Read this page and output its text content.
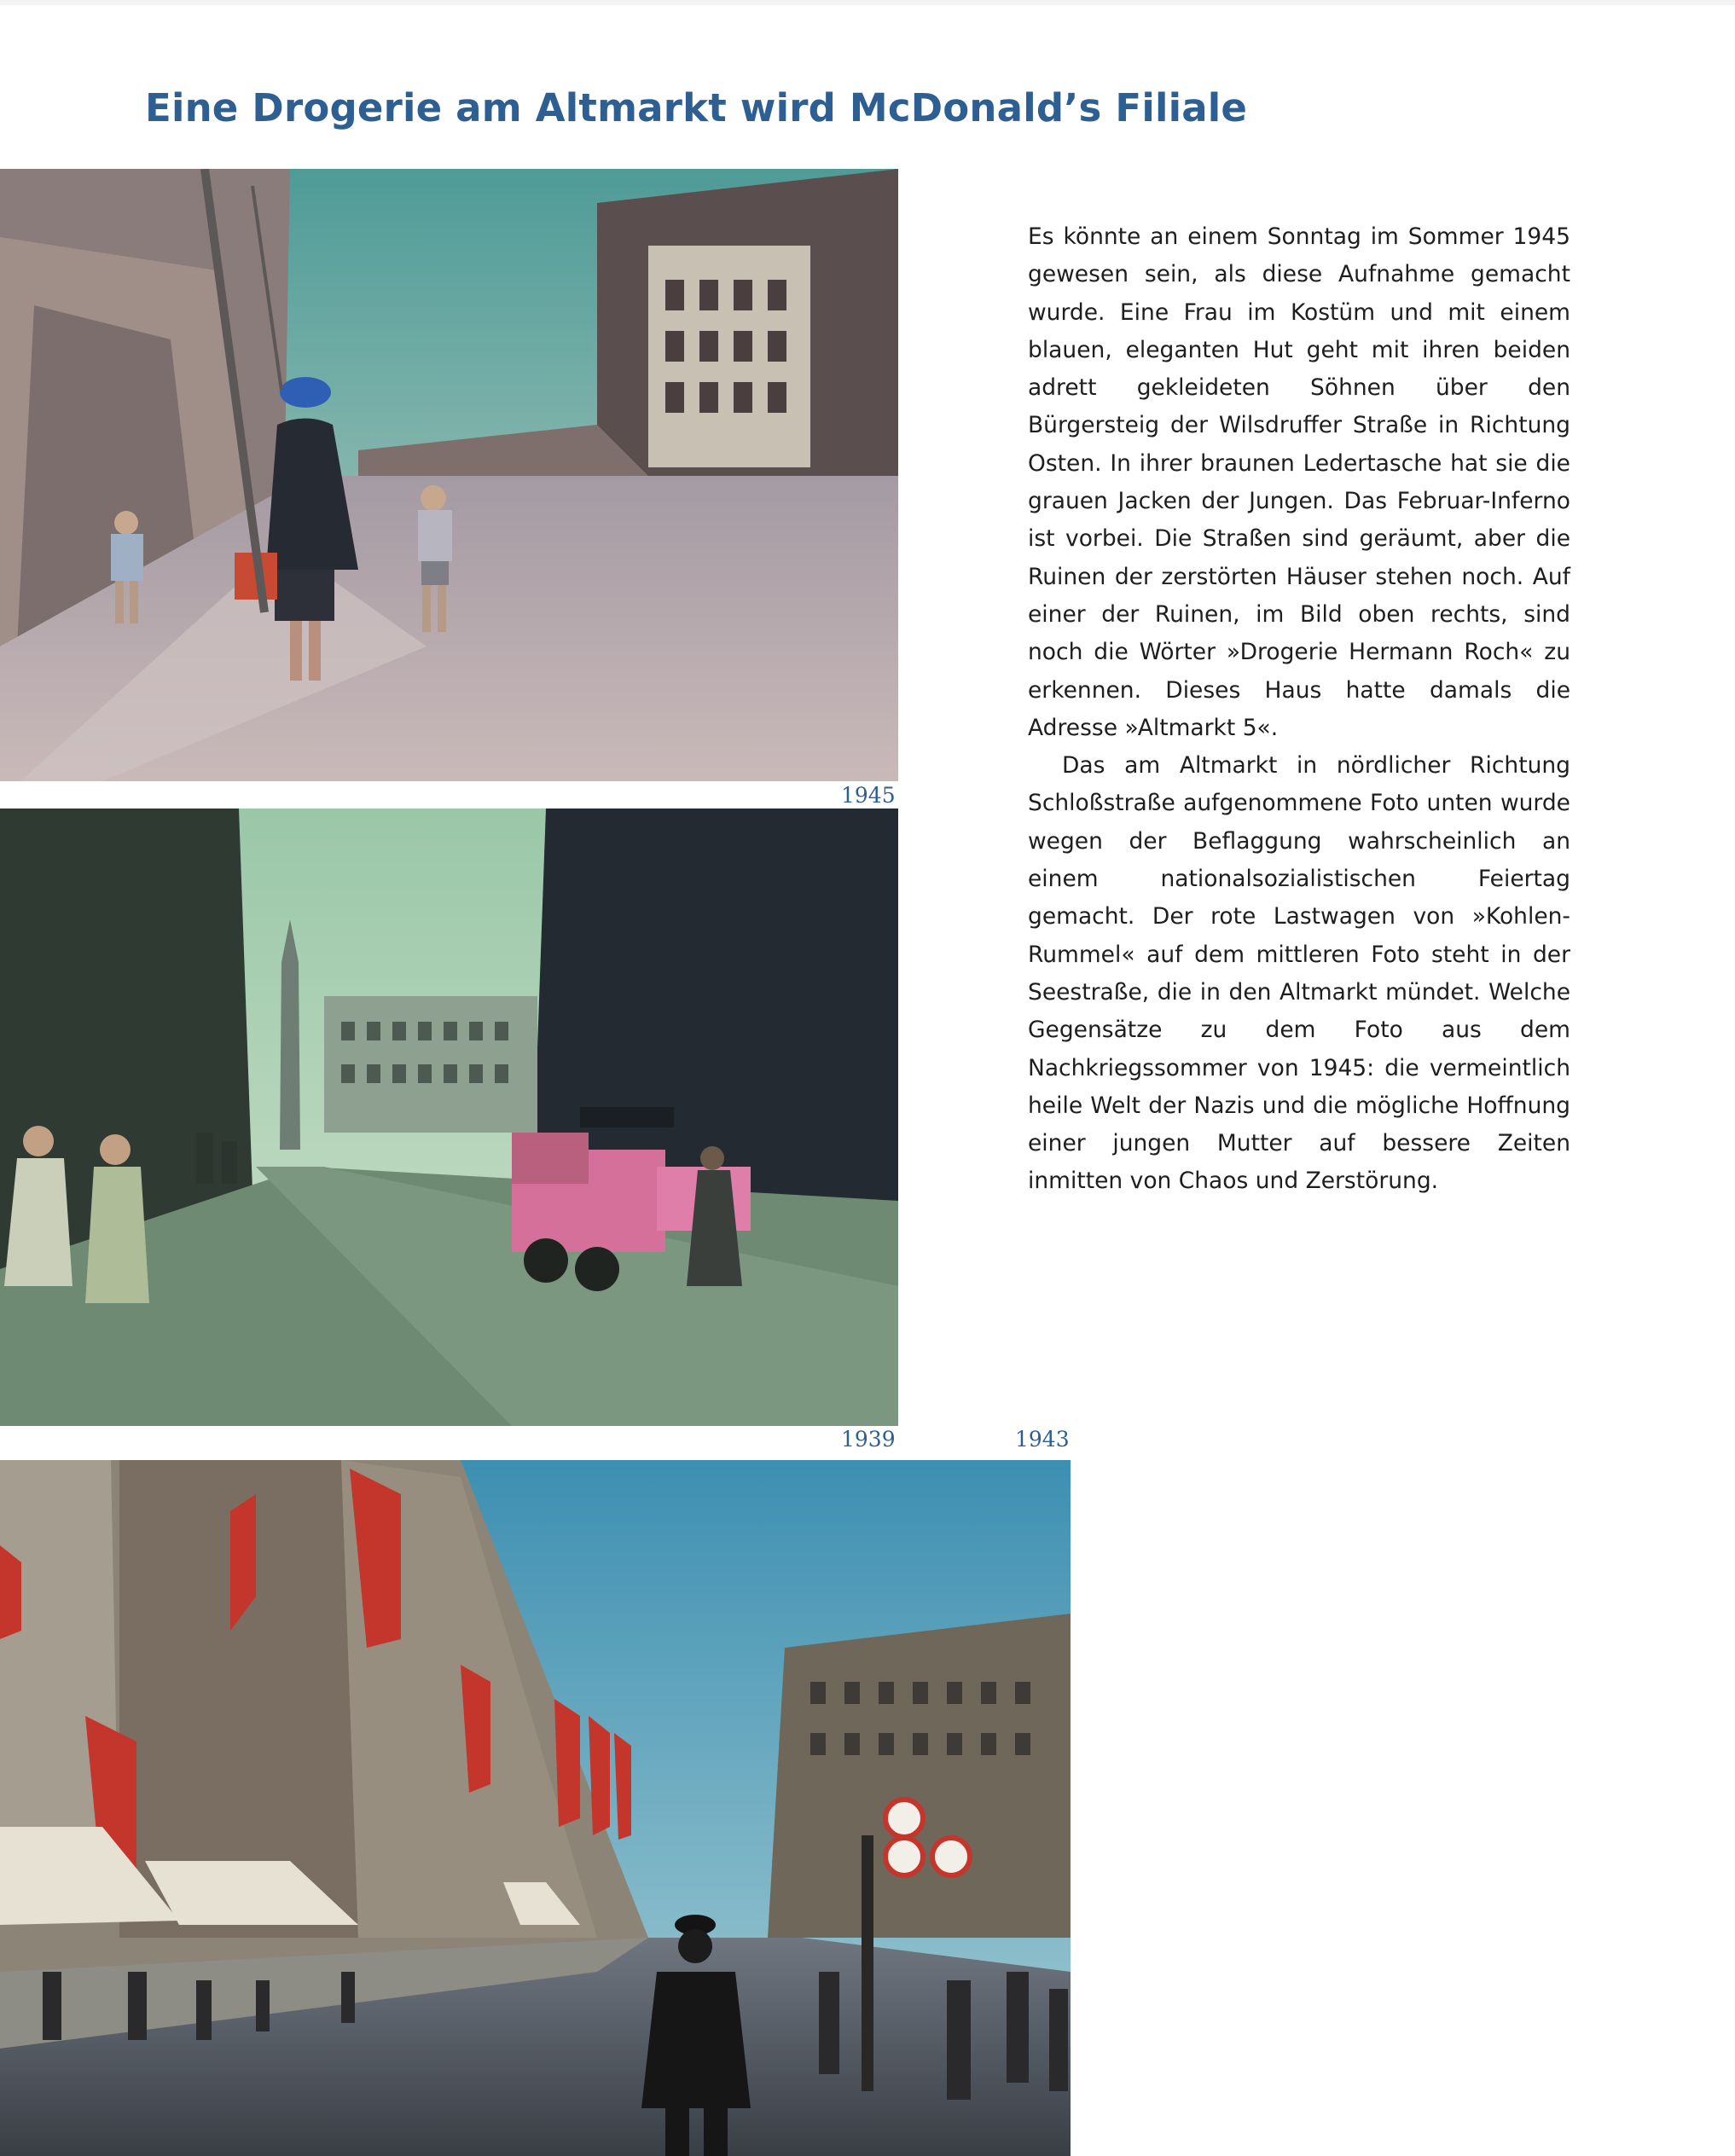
Eine Drogerie am Altmarkt wird McDonald’s Filiale
1945
1939	1943

Es könnte an einem Sonntag im Sommer 1945 gewesen sein, als diese Aufnahme gemacht wurde. Eine Frau im Kostüm und mit einem blauen, eleganten Hut geht mit ihren beiden adrett gekleideten Söhnen über den Bürgersteig der Wilsdruffer Straße in Richtung Osten. In ihrer braunen Ledertasche hat sie die grauen Jacken der Jungen. Das Februar-Inferno ist vorbei. Die Straßen sind geräumt, aber die Ruinen der zerstörten Häuser stehen noch. Auf einer der Ruinen, im Bild oben rechts, sind noch die Wörter »Drogerie Hermann Roch« zu erkennen. Dieses Haus hatte damals die Adresse »Altmarkt 5«.

Das am Altmarkt in nördlicher Richtung Schloßstraße aufgenommene Foto unten wurde wegen der Beflaggung wahrscheinlich an einem nationalsozialistischen Feiertag gemacht. Der rote Lastwagen von »Kohlen-Rummel« auf dem mittleren Foto steht in der Seestraße, die in den Altmarkt mündet. Welche Gegensätze zu dem Foto aus dem Nachkriegssommer von 1945: die vermeintlich heile Welt der Nazis und die mögliche Hoffnung einer jungen Mutter auf bessere Zeiten inmitten von Chaos und Zerstörung.
